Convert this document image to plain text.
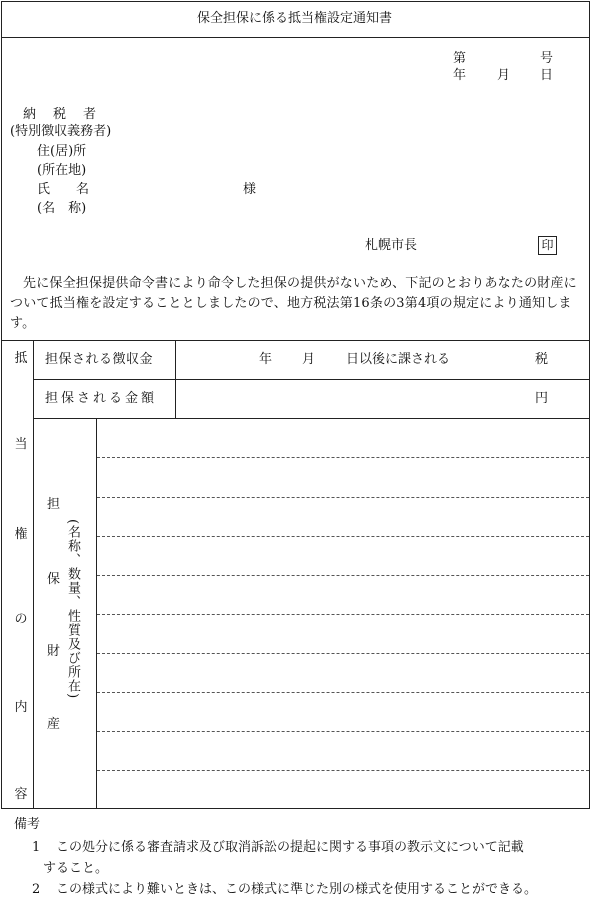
保全担保に係る抵当権設定通知書
第	号
年 月 日
納　税　者
(特別徴収義務者)
住(居)所
(所在地)
氏　　名
(名　称)
様
札幌市長	印
先に保全担保提供命令書により命令した担保の提供がないため、下記のとおりあなたの財産について抵当権を設定することとしましたので、地方税法第16条の3第4項の規定により通知します。
抵
当
権
の
内
容
担保される徴収金	年 月 日以後に課される	税
担保される金額	円
担
保
財
産
(名称、数量、性質及び所在)
備考
1 この処分に係る審査請求及び取消訴訟の提起に関する事項の教示文について記載
すること。
2 この様式により難いときは、この様式に準じた別の様式を使用することができる。
